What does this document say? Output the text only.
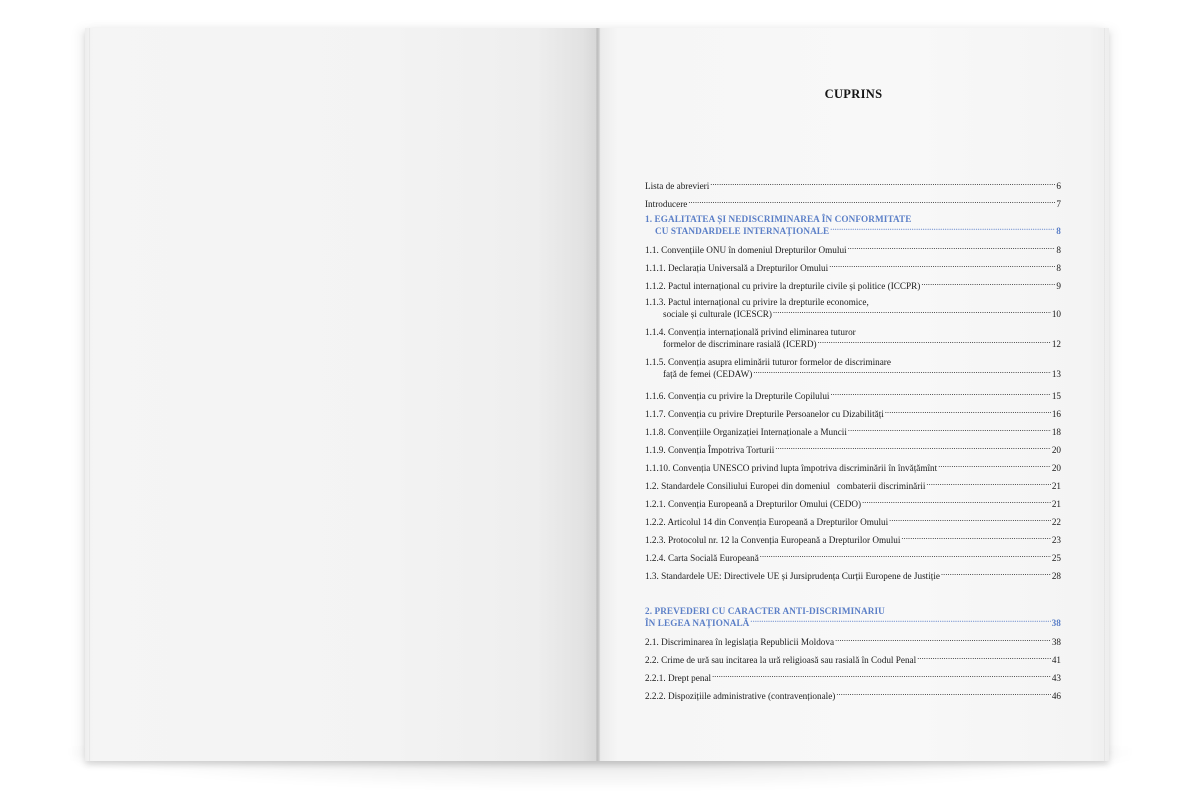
CUPRINS
Lista de abrevieri .....	6
Introducere .....	7
1. EGALITATEA ȘI NEDISCRIMINAREA ÎN CONFORMITATE
CU STANDARDELE INTERNAȚIONALE .....	8
1.1. Convențiile ONU în domeniul Drepturilor Omului .....	8
1.1.1. Declarația Universală a Drepturilor Omului .....	8
1.1.2. Pactul internațional cu privire la drepturile civile și politice (ICCPR) .....	9
1.1.3. Pactul internațional cu privire la drepturile economice,
sociale și culturale (ICESCR) .....	10
1.1.4. Convenția internațională privind eliminarea tuturor
formelor de discriminare rasială (ICERD) .....	12
1.1.5. Convenția asupra eliminării tuturor formelor de discriminare
față de femei (CEDAW) .....	13
1.1.6. Convenția cu privire la Drepturile Copilului .....	15
1.1.7. Convenția cu privire Drepturile Persoanelor cu Dizabilități .....	16
1.1.8. Convențiile Organizației Internaționale a Muncii .....	18
1.1.9. Convenția Împotriva Torturii .....	20
1.1.10. Convenția UNESCO privind lupta împotriva discriminării în învățămînt .....	20
1.2. Standardele Consiliului Europei din domeniul   combaterii discriminării .....	21
1.2.1. Convenția Europeană a Drepturilor Omului (CEDO) .....	21
1.2.2. Articolul 14 din Convenția Europeană a Drepturilor Omului .....	22
1.2.3. Protocolul nr. 12 la Convenția Europeană a Drepturilor Omului .....	23
1.2.4. Carta Socială Europeană .....	25
1.3. Standardele UE: Directivele UE și Jursiprudența Curții Europene de Justiție .....	28
2. PREVEDERI CU CARACTER ANTI-DISCRIMINARIU
ÎN LEGEA NAȚIONALĂ .....	38
2.1. Discriminarea în legislația Republicii Moldova .....	38
2.2. Crime de ură sau incitarea la ură religioasă sau rasială în Codul Penal .....	41
2.2.1. Drept penal .....	43
2.2.2. Dispozițiile administrative (contravenționale) .....	46
